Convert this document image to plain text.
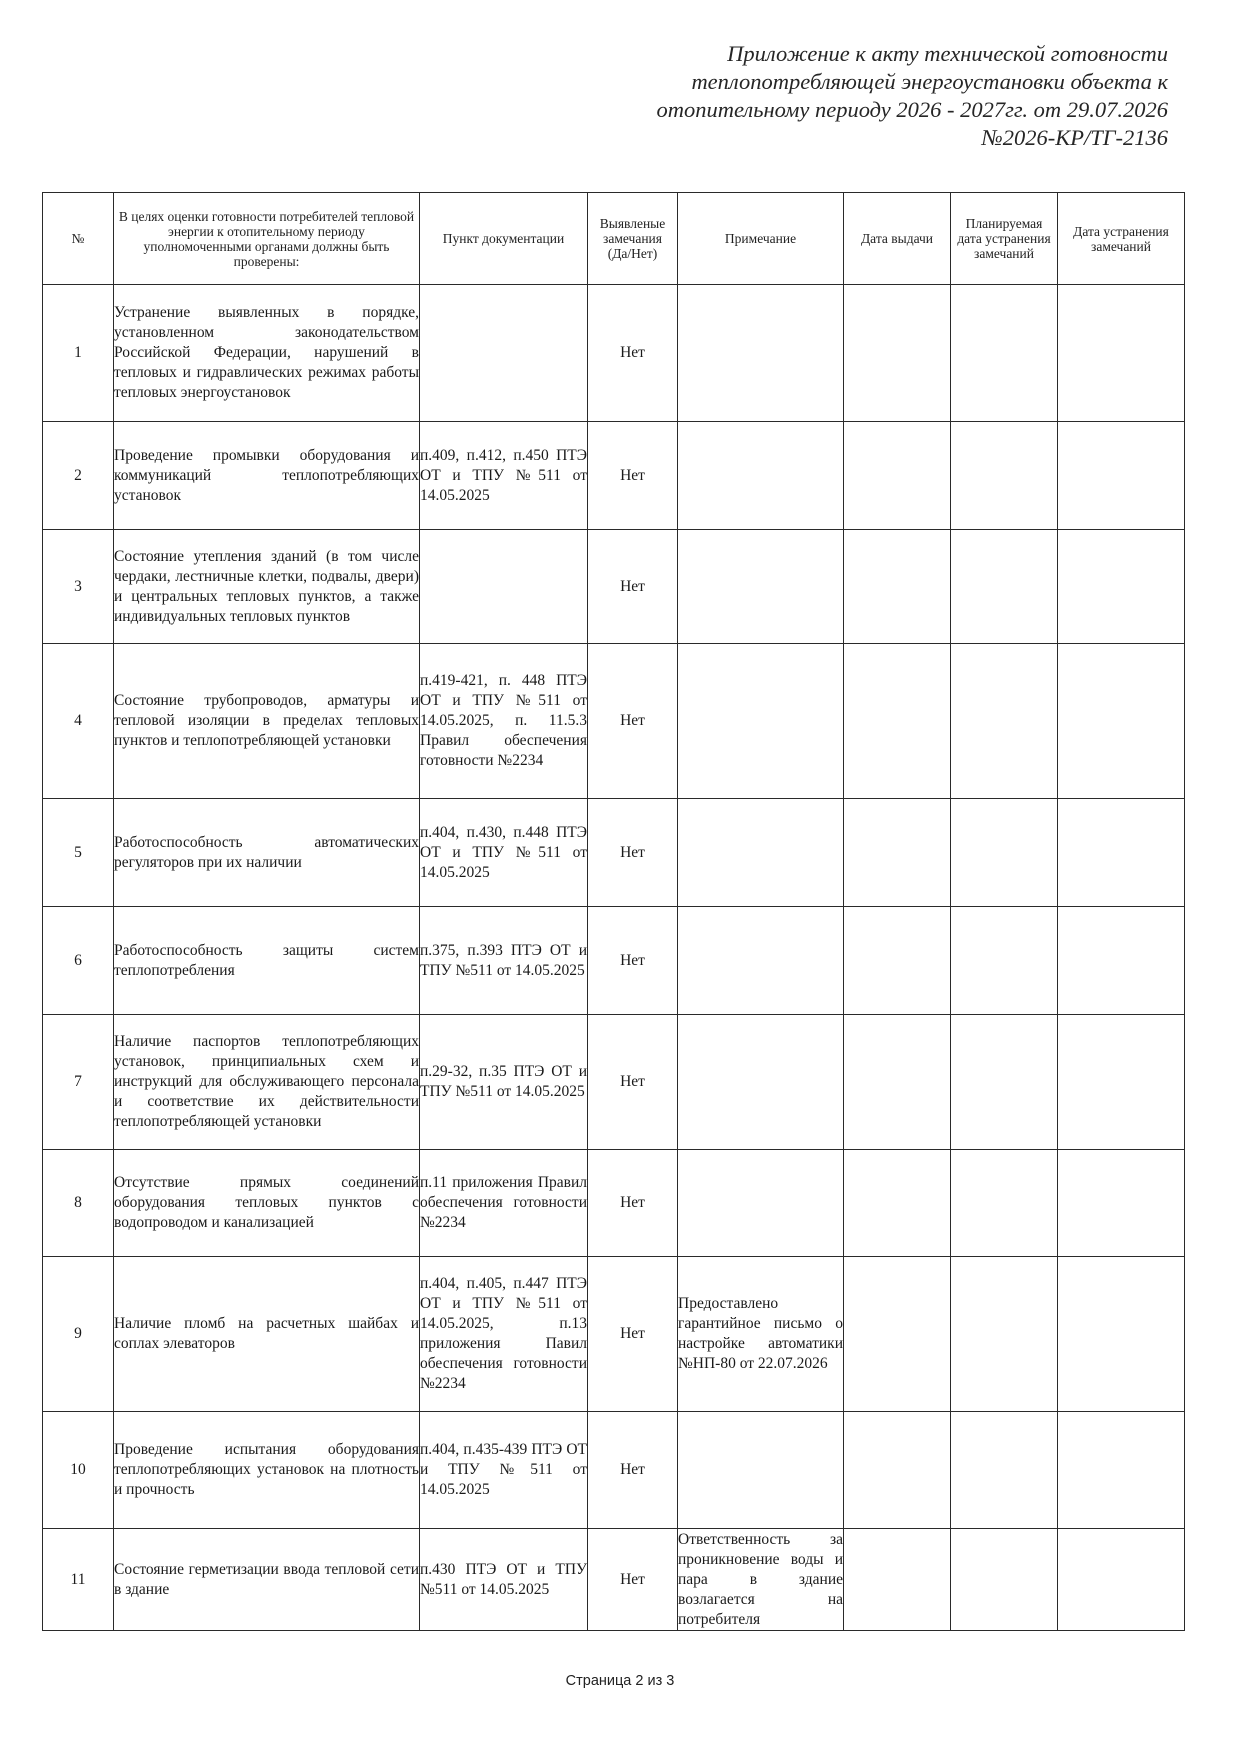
Приложение к акту технической готовности
теплопотребляющей энергоустановки объекта к
отопительному периоду 2026 - 2027гг. от 29.07.2026
№2026-КР/ТГ-2136
№	В целях оценки готовности потребителей тепловой энергии к отопительному периоду уполномоченными органами должны быть проверены:	Пункт документации	Выявленые замечания (Да/Нет)	Примечание	Дата выдачи	Планируемая дата устранения замечаний	Дата устранения замечаний
1	Устранение выявленных в порядке, установленном законодательством Российской Федерации, нарушений в тепловых и гидравлических режимах работы тепловых энергоустановок		Нет				
2	Проведение промывки оборудования и коммуникаций теплопотребляющих установок	п.409, п.412, п.450 ПТЭ ОТ и ТПУ №511 от 14.05.2025	Нет				
3	Состояние утепления зданий (в том числе чердаки, лестничные клетки, подвалы, двери) и центральных тепловых пунктов, а также индивидуальных тепловых пунктов		Нет				
4	Состояние трубопроводов, арматуры и тепловой изоляции в пределах тепловых пунктов и теплопотребляющей установки	п.419-421, п. 448 ПТЭ ОТ и ТПУ №511 от 14.05.2025, п. 11.5.3 Правил обеспечения готовности №2234	Нет				
5	Работоспособность автоматических регуляторов при их наличии	п.404, п.430, п.448 ПТЭ ОТ и ТПУ №511 от 14.05.2025	Нет				
6	Работоспособность защиты систем теплопотребления	п.375, п.393 ПТЭ ОТ и ТПУ №511 от 14.05.2025	Нет				
7	Наличие паспортов теплопотребляющих установок, принципиальных схем и инструкций для обслуживающего персонала и соответствие их действительности теплопотребляющей установки	п.29-32, п.35 ПТЭ ОТ и ТПУ №511 от 14.05.2025	Нет				
8	Отсутствие прямых соединений оборудования тепловых пунктов с водопроводом и канализацией	п.11 приложения Правил обеспечения готовности №2234	Нет				
9	Наличие пломб на расчетных шайбах и соплах элеваторов	п.404, п.405, п.447 ПТЭ ОТ и ТПУ №511 от 14.05.2025, п.13 приложения Павил обеспечения готовности №2234	Нет	Предоставлено гарантийное письмо о настройке автоматики №НП-80 от 22.07.2026			
10	Проведение испытания оборудования теплопотребляющих установок на плотность и прочность	п.404, п.435-439 ПТЭ ОТ и ТПУ №511 от 14.05.2025	Нет				
11	Состояние герметизации ввода тепловой сети в здание	п.430 ПТЭ ОТ и ТПУ №511 от 14.05.2025	Нет	Ответственность за проникновение воды и пара в здание возлагается на потребителя			
Страница 2 из 3
